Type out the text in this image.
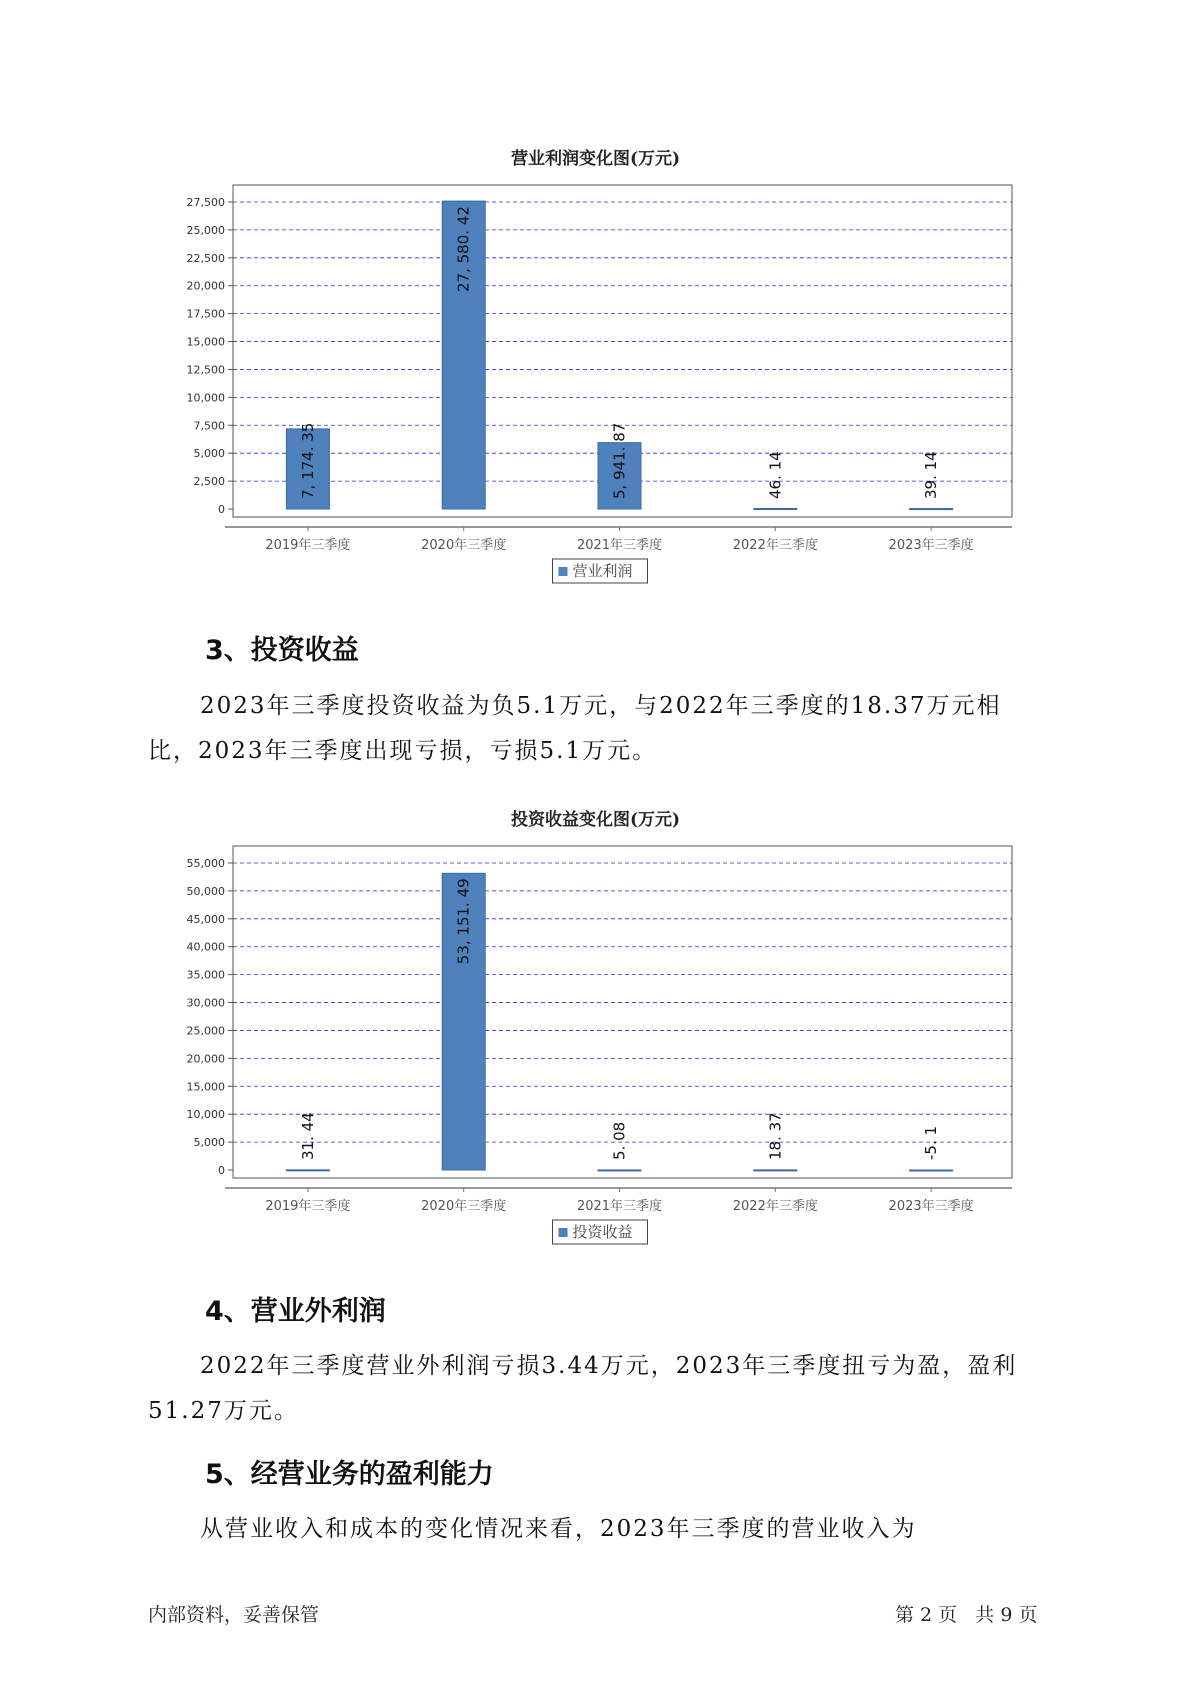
营业利润变化图(万元)
0
2,500
5,000
7,500
10,000
12,500
15,000
17,500
20,000
22,500
25,000
27,500
2019年三季度
7, 174. 35
2020年三季度
27, 580. 42
2021年三季度
5, 941. 87
2022年三季度
46. 14
2023年三季度
39. 14
营业利润
3、投资收益
2023年三季度投资收益为负5.1万元，与2022年三季度的18.37万元相比，2023年三季度出现亏损，亏损5.1万元。
投资收益变化图(万元)
0
5,000
10,000
15,000
20,000
25,000
30,000
35,000
40,000
45,000
50,000
55,000
2019年三季度
31. 44
2020年三季度
53, 151. 49
2021年三季度
5. 08
2022年三季度
18. 37
2023年三季度
-5. 1
投资收益
4、营业外利润
2022年三季度营业外利润亏损3.44万元，2023年三季度扭亏为盈，盈利51.27万元。
5、经营业务的盈利能力
从营业收入和成本的变化情况来看，2023年三季度的营业收入为
内部资料，妥善保管	第 2 页   共 9 页
